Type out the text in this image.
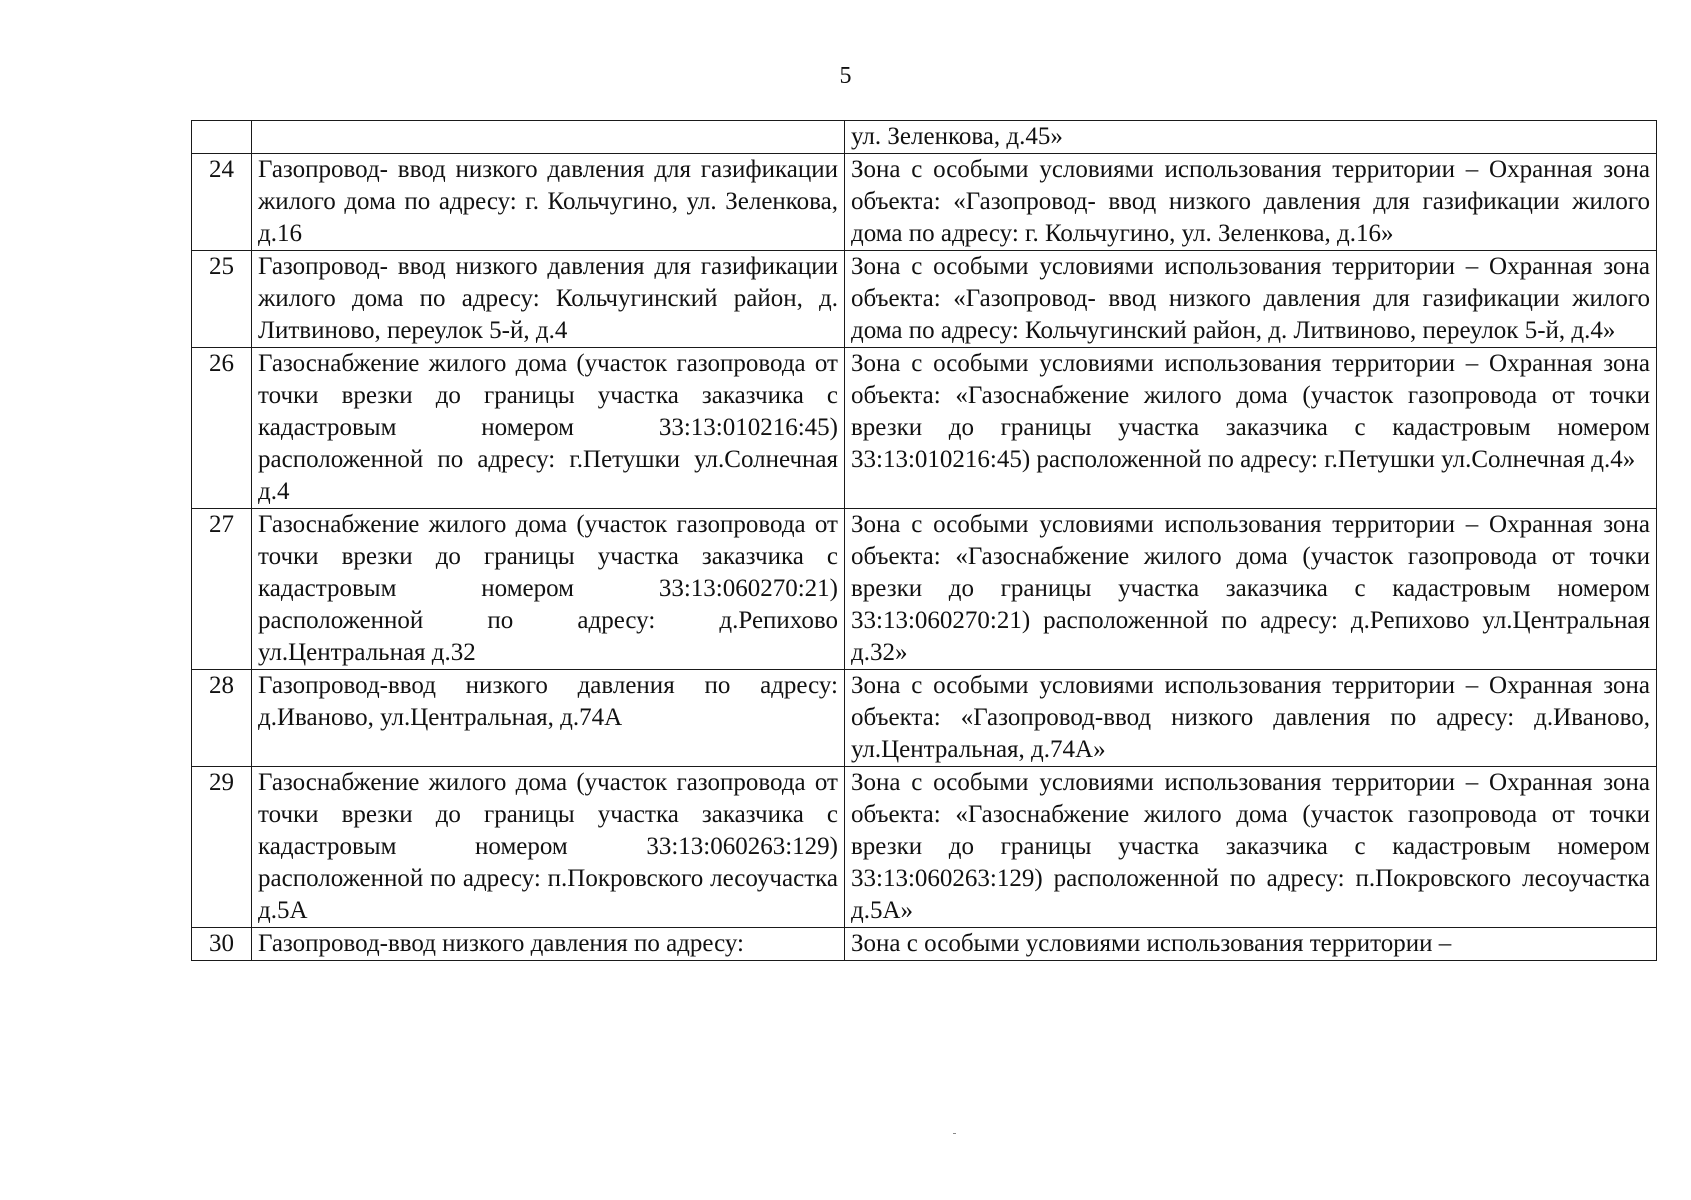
5
		ул. Зеленкова, д.45»
24	Газопровод- ввод низкого давления для газификации жилого дома по адресу: г. Кольчугино, ул. Зеленкова, д.16	Зона с особыми условиями использования территории – Охранная зона объекта: «Газопровод- ввод низкого давления для газификации жилого дома по адресу: г. Кольчугино, ул. Зеленкова, д.16»
25	Газопровод- ввод низкого давления для газификации жилого дома по адресу: Кольчугинский район, д. Литвиново, переулок 5-й, д.4	Зона с особыми условиями использования территории – Охранная зона объекта: «Газопровод- ввод низкого давления для газификации жилого дома по адресу: Кольчугинский район, д. Литвиново, переулок 5-й, д.4»
26	Газоснабжение жилого дома (участок газопровода от точки врезки до границы участка заказчика с кадастровым номером 33:13:010216:45) расположенной по адресу: г.Петушки ул.Солнечная д.4	Зона с особыми условиями использования территории – Охранная зона объекта: «Газоснабжение жилого дома (участок газопровода от точки врезки до границы участка заказчика с кадастровым номером 33:13:010216:45) расположенной по адресу: г.Петушки ул.Солнечная д.4»
27	Газоснабжение жилого дома (участок газопровода от точки врезки до границы участка заказчика с кадастровым номером 33:13:060270:21) расположенной по адресу: д.Репихово ул.Центральная д.32	Зона с особыми условиями использования территории – Охранная зона объекта: «Газоснабжение жилого дома (участок газопровода от точки врезки до границы участка заказчика с кадастровым номером 33:13:060270:21) расположенной по адресу: д.Репихово ул.Центральная д.32»
28	Газопровод-ввод низкого давления по адресу: д.Иваново, ул.Центральная, д.74А	Зона с особыми условиями использования территории – Охранная зона объекта: «Газопровод-ввод низкого давления по адресу: д.Иваново, ул.Центральная, д.74А»
29	Газоснабжение жилого дома (участок газопровода от точки врезки до границы участка заказчика с кадастровым номером 33:13:060263:129) расположенной по адресу: п.Покровского лесоучастка д.5А	Зона с особыми условиями использования территории – Охранная зона объекта: «Газоснабжение жилого дома (участок газопровода от точки врезки до границы участка заказчика с кадастровым номером 33:13:060263:129) расположенной по адресу: п.Покровского лесоучастка д.5А»
30	Газопровод-ввод низкого давления по адресу:	Зона с особыми условиями использования территории –
